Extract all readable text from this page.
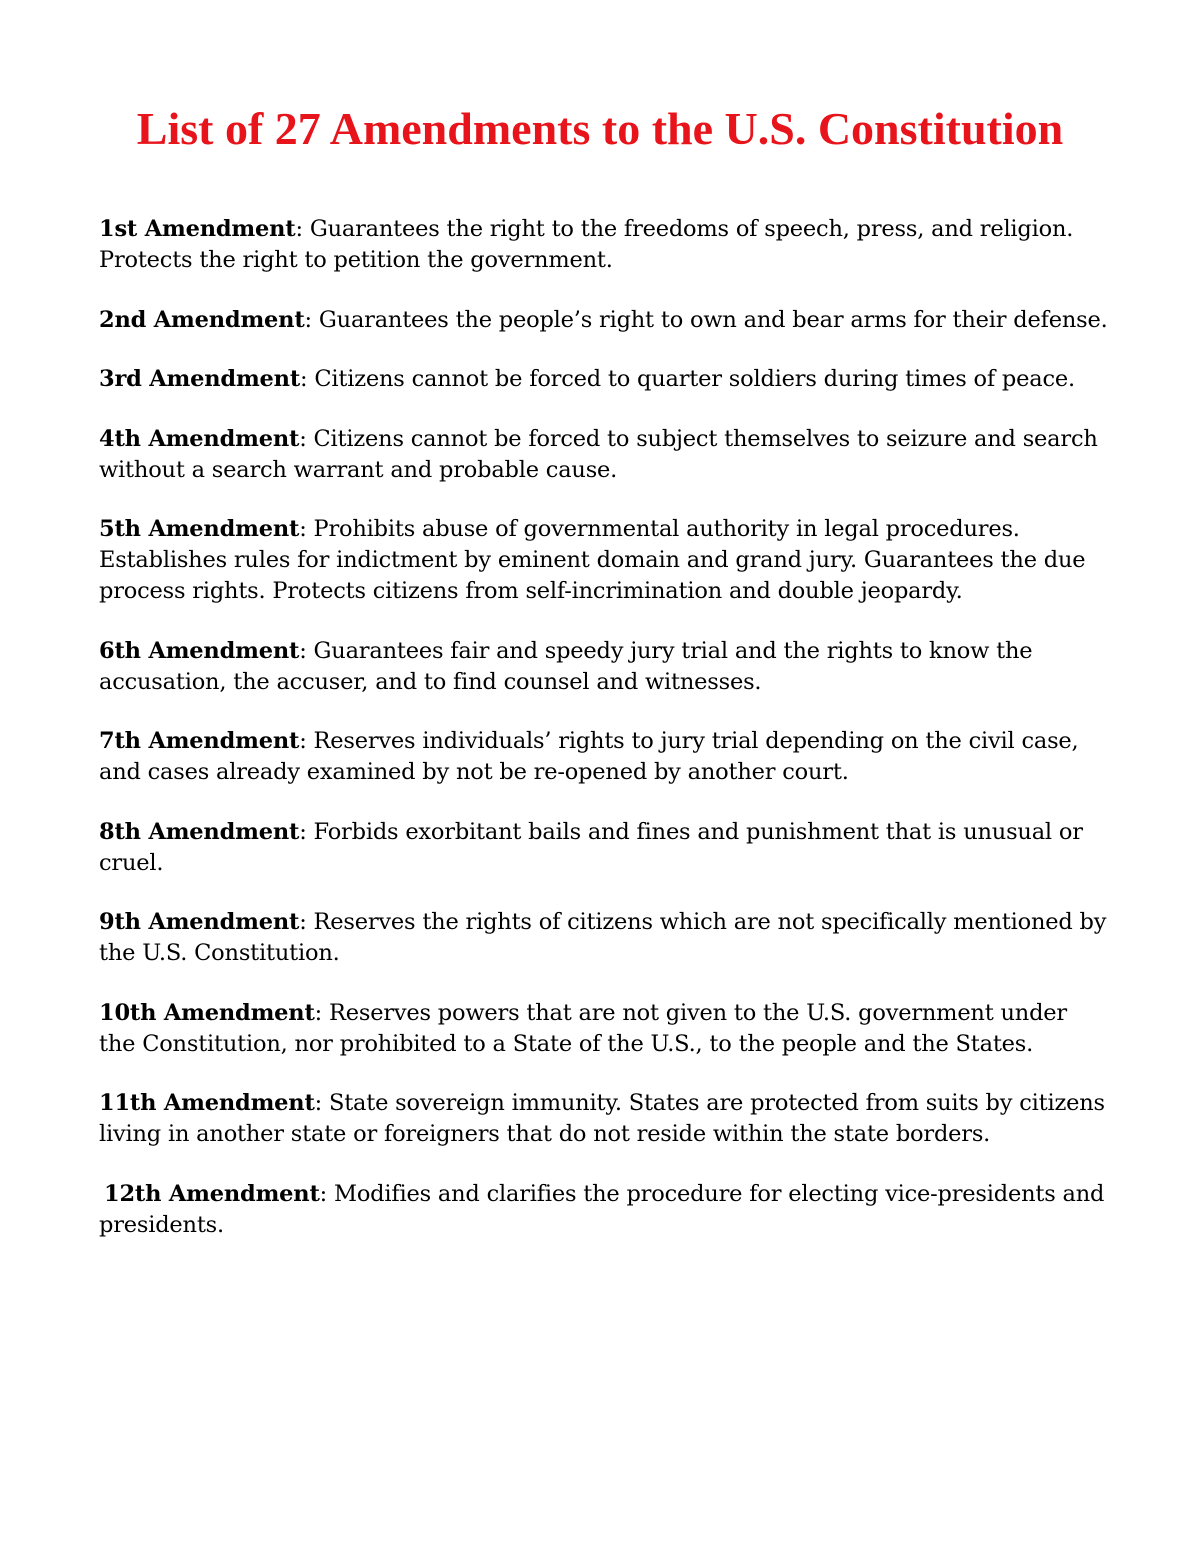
List of 27 Amendments to the U.S. Constitution
1st Amendment: Guarantees the right to the freedoms of speech, press, and religion. Protects the right to petition the government.
2nd Amendment: Guarantees the people’s right to own and bear arms for their defense.
3rd Amendment: Citizens cannot be forced to quarter soldiers during times of peace.
4th Amendment: Citizens cannot be forced to subject themselves to seizure and search without a search warrant and probable cause.
5th Amendment: Prohibits abuse of governmental authority in legal procedures. Establishes rules for indictment by eminent domain and grand jury. Guarantees the due process rights. Protects citizens from self-incrimination and double jeopardy.
6th Amendment: Guarantees fair and speedy jury trial and the rights to know the accusation, the accuser, and to find counsel and witnesses.
7th Amendment: Reserves individuals’ rights to jury trial depending on the civil case, and cases already examined by not be re-opened by another court.
8th Amendment: Forbids exorbitant bails and fines and punishment that is unusual or cruel.
9th Amendment: Reserves the rights of citizens which are not specifically mentioned by the U.S. Constitution.
10th Amendment: Reserves powers that are not given to the U.S. government under the Constitution, nor prohibited to a State of the U.S., to the people and the States.
11th Amendment: State sovereign immunity. States are protected from suits by citizens living in another state or foreigners that do not reside within the state borders.
12th Amendment: Modifies and clarifies the procedure for electing vice-presidents and presidents.
